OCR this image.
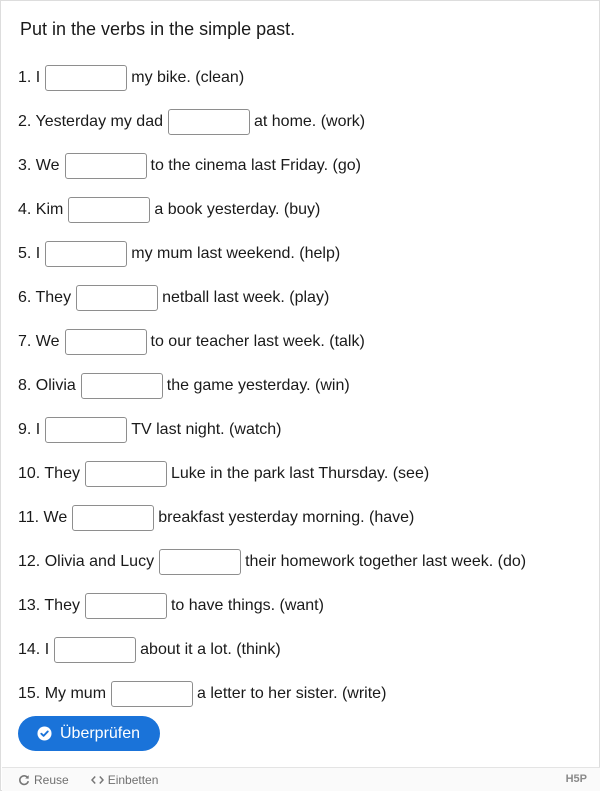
Put in the verbs in the simple past.
1. I	my bike. (clean)
2. Yesterday my dad	at home. (work)
3. We	to the cinema last Friday. (go)
4. Kim	a book yesterday. (buy)
5. I	my mum last weekend. (help)
6. They	netball last week. (play)
7. We	to our teacher last week. (talk)
8. Olivia	the game yesterday. (win)
9. I	TV last night. (watch)
10. They	Luke in the park last Thursday. (see)
11. We	breakfast yesterday morning. (have)
12. Olivia and Lucy	their homework together last week. (do)
13. They	to have things. (want)
14. I	about it a lot. (think)
15. My mum	a letter to her sister. (write)
Überprüfen
Reuse	Einbetten	H5P
